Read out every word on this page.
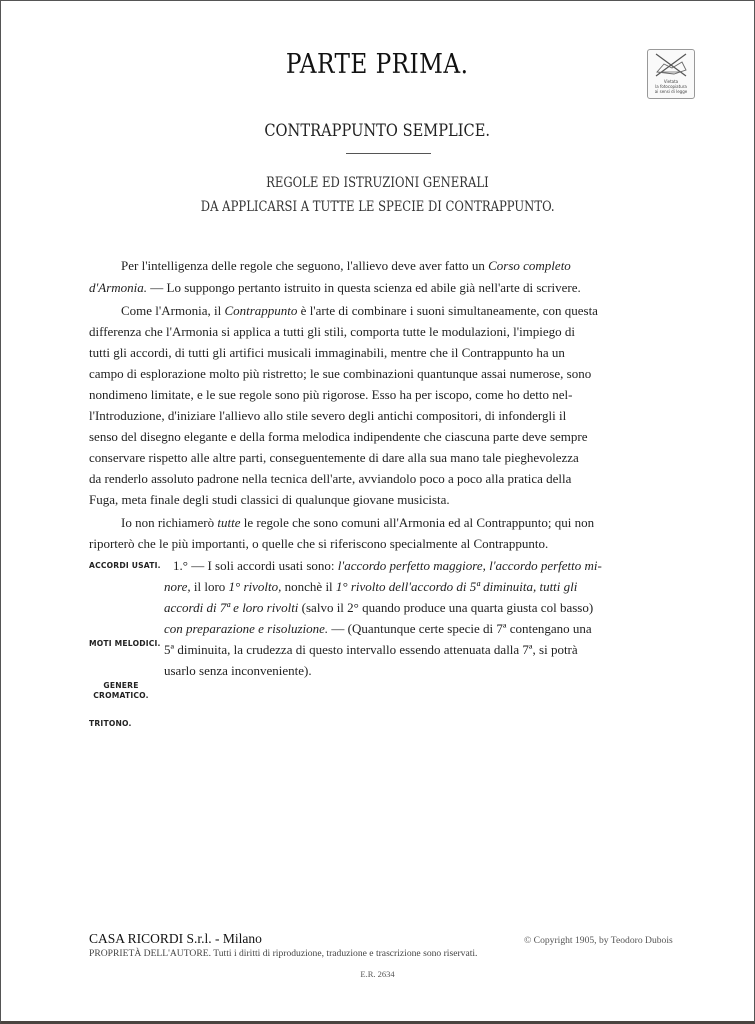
PARTE PRIMA.
Vietata
la fotocopiatura
ai sensi di legge
CONTRAPPUNTO SEMPLICE.
REGOLE ED ISTRUZIONI GENERALI
DA APPLICARSI A TUTTE LE SPECIE DI CONTRAPPUNTO.
Per l'intelligenza delle regole che seguono, l'allievo deve aver fatto un Corso completo
d'Armonia. — Lo suppongo pertanto istruito in questa scienza ed abile già nell'arte di scrivere.
Come l'Armonia, il Contrappunto è l'arte di combinare i suoni simultaneamente, con questa
differenza che l'Armonia si applica a tutti gli stili, comporta tutte le modulazioni, l'impiego di
tutti gli accordi, di tutti gli artifici musicali immaginabili, mentre che il Contrappunto ha un
campo di esplorazione molto più ristretto; le sue combinazioni quantunque assai numerose, sono
nondimeno limitate, e le sue regole sono più rigorose. Esso ha per iscopo, come ho detto nel-
l'Introduzione, d'iniziare l'allievo allo stile severo degli antichi compositori, di infondergli il
senso del disegno elegante e della forma melodica indipendente che ciascuna parte deve sempre
conservare rispetto alle altre parti, conseguentemente di dare alla sua mano tale pieghevolezza
da renderlo assoluto padrone nella tecnica dell'arte, avviandolo poco a poco alla pratica della
Fuga, meta finale degli studi classici di qualunque giovane musicista.
Io non richiamerò tutte le regole che sono comuni all'Armonia ed al Contrappunto; qui non
riporterò che le più importanti, o quelle che si riferiscono specialmente al Contrappunto.
ACCORDI USATI. 1.° — I soli accordi usati sono: l'accordo perfetto maggiore, l'accordo perfetto mi-
nore, il loro 1° rivolto, nonchè il 1° rivolto dell'accordo di 5ª diminuita, tutti gli
accordi di 7ª e loro rivolti (salvo il 2° quando produce una quarta giusta col basso)
con preparazione e risoluzione. — (Quantunque certe specie di 7ª contengano una
5ª diminuita, la crudezza di questo intervallo essendo attenuata dalla 7ª, si potrà
usarlo senza inconveniente).
MOTI MELODICI.
GENERE
CROMATICO.
TRITONO.
CASA RICORDI S.r.l. - Milano
PROPRIETÀ DELL'AUTORE. Tutti i diritti di riproduzione, traduzione e trascrizione sono riservati.
© Copyright 1905, by Teodoro Dubois
E.R. 2634
